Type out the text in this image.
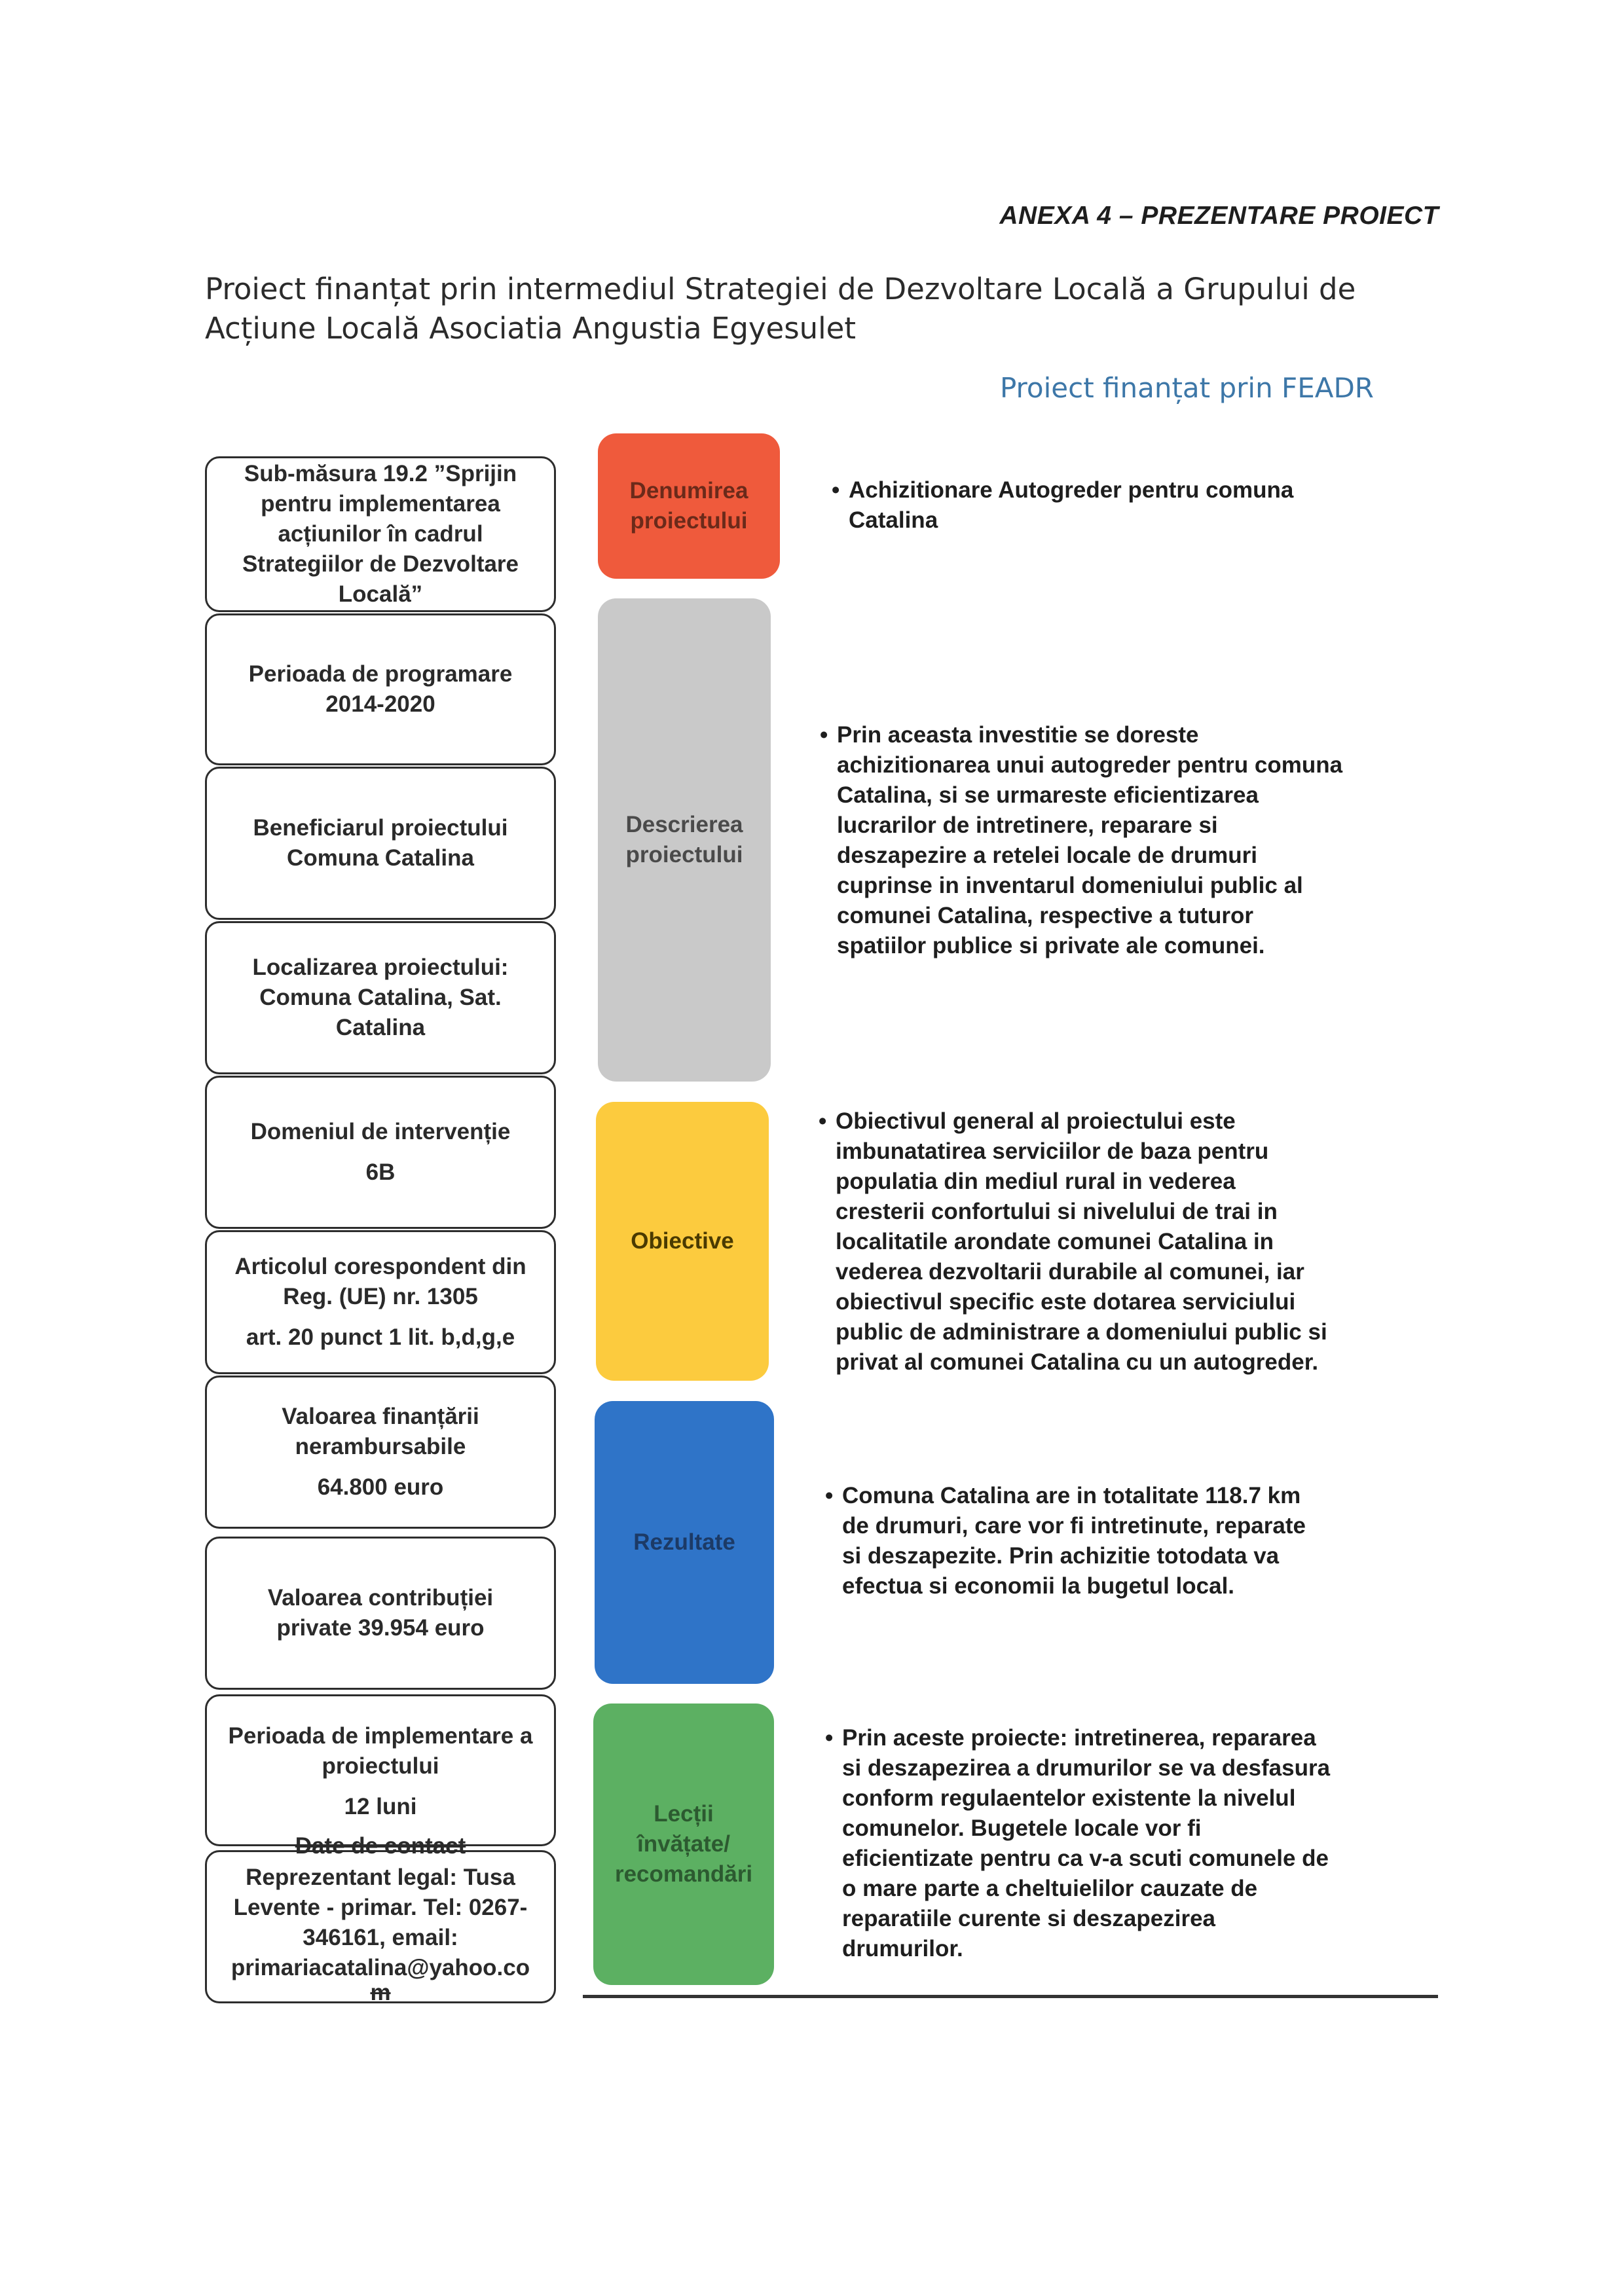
ANEXA 4 – PREZENTARE PROIECT
Proiect finanțat prin intermediul Strategiei de Dezvoltare Locală a Grupului de Acțiune Locală Asociatia Angustia Egyesulet
Proiect finanțat prin FEADR
Sub-măsura 19.2 ”Sprijin
pentru implementarea
acțiunilor în cadrul
Strategiilor de Dezvoltare
Locală”
Perioada de programare
2014-2020
Beneficiarul proiectului
Comuna Catalina
Localizarea proiectului:
Comuna Catalina, Sat.
Catalina
Domeniul de intervenție
6B
Articolul corespondent din
Reg. (UE) nr. 1305
art. 20 punct 1 lit. b,d,g,e
Valoarea finanțării
nerambursabile
64.800 euro
Valoarea contribuției
private 39.954 euro
Perioada de implementare a
proiectului
12 luni
Reprezentant legal: Tusa
Levente - primar. Tel: 0267-
346161, email:
primariacatalina@yahoo.co
m
Date de contact
Denumirea
proiectului
Descrierea
proiectului
Obiective
Rezultate
Lecții
învățate/
recomandări
• Achizitionare Autogreder pentru comuna
Catalina
• Prin aceasta investitie se doreste
achizitionarea unui autogreder pentru comuna
Catalina, si se urmareste eficientizarea
lucrarilor de intretinere, reparare si
deszapezire a retelei locale de drumuri
cuprinse in inventarul domeniului public al
comunei Catalina, respective a tuturor
spatiilor publice si private ale comunei.
• Obiectivul general al proiectului este
imbunatatirea serviciilor de baza pentru
populatia din mediul rural in vederea
cresterii confortului si nivelului de trai in
localitatile arondate comunei Catalina in
vederea dezvoltarii durabile al comunei, iar
obiectivul specific este dotarea serviciului
public de administrare a domeniului public si
privat al comunei Catalina cu un autogreder.
• Comuna Catalina are in totalitate 118.7 km
de drumuri, care vor fi intretinute, reparate
si deszapezite. Prin achizitie totodata va
efectua si economii la bugetul local.
• Prin aceste proiecte: intretinerea, repararea
si deszapezirea a drumurilor se va desfasura
conform regulaentelor existente la nivelul
comunelor. Bugetele locale vor fi
eficientizate pentru ca v-a scuti comunele de
o mare parte a cheltuielilor cauzate de
reparatiile curente si deszapezirea
drumurilor.
